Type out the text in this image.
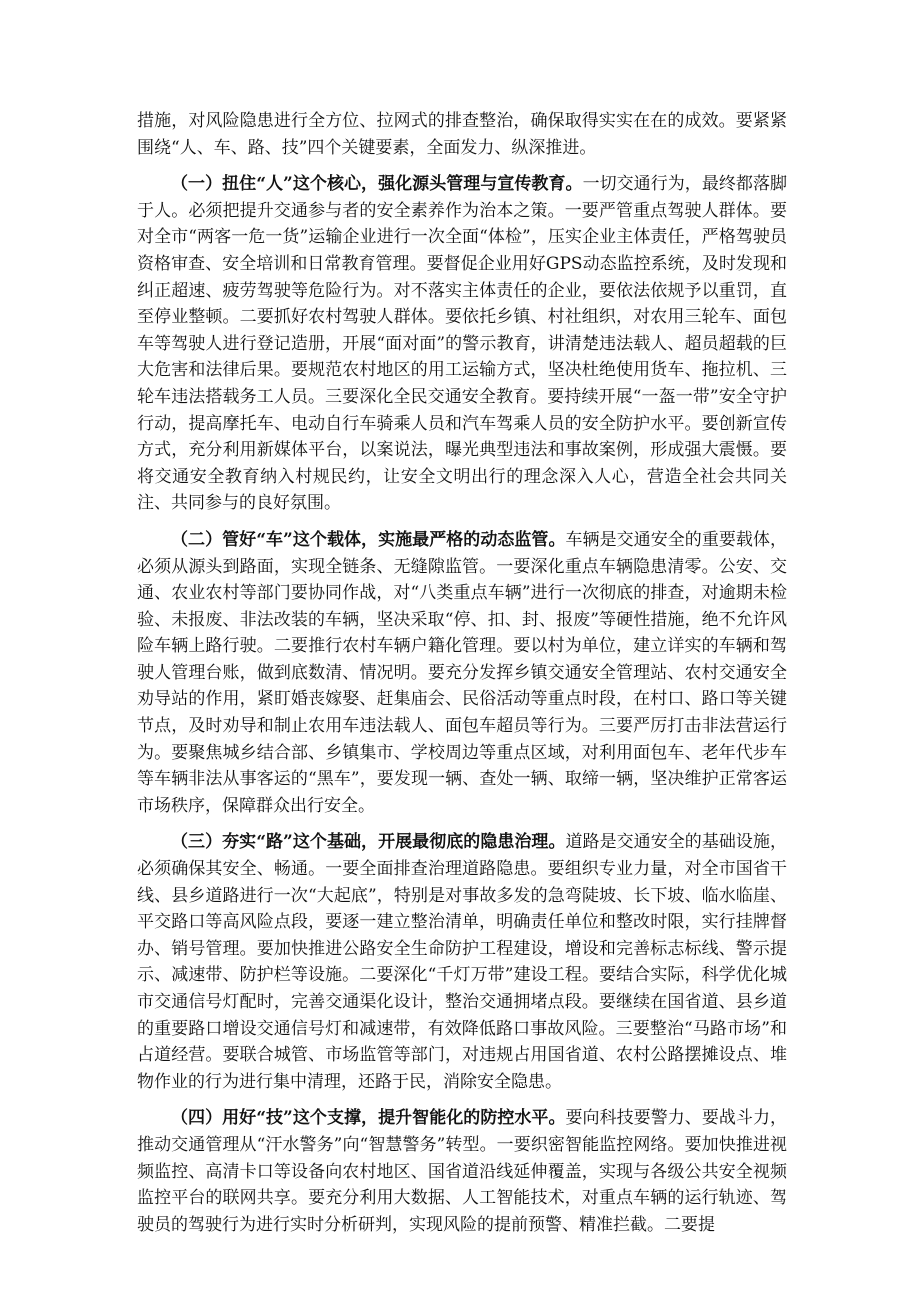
措施，对风险隐患进行全方位、拉网式的排查整治，确保取得实实在在的成效。要紧紧围绕“人、车、路、技”四个关键要素，全面发力、纵深推进。

（一）扭住“人”这个核心，强化源头管理与宣传教育。一切交通行为，最终都落脚于人。必须把提升交通参与者的安全素养作为治本之策。一要严管重点驾驶人群体。要对全市“两客一危一货”运输企业进行一次全面“体检”，压实企业主体责任，严格驾驶员资格审查、安全培训和日常教育管理。要督促企业用好GPS动态监控系统，及时发现和纠正超速、疲劳驾驶等危险行为。对不落实主体责任的企业，要依法依规予以重罚，直至停业整顿。二要抓好农村驾驶人群体。要依托乡镇、村社组织，对农用三轮车、面包车等驾驶人进行登记造册，开展“面对面”的警示教育，讲清楚违法载人、超员超载的巨大危害和法律后果。要规范农村地区的用工运输方式，坚决杜绝使用货车、拖拉机、三轮车违法搭载务工人员。三要深化全民交通安全教育。要持续开展“一盔一带”安全守护行动，提高摩托车、电动自行车骑乘人员和汽车驾乘人员的安全防护水平。要创新宣传方式，充分利用新媒体平台，以案说法，曝光典型违法和事故案例，形成强大震慑。要将交通安全教育纳入村规民约，让安全文明出行的理念深入人心，营造全社会共同关注、共同参与的良好氛围。

（二）管好“车”这个载体，实施最严格的动态监管。车辆是交通安全的重要载体，必须从源头到路面，实现全链条、无缝隙监管。一要深化重点车辆隐患清零。公安、交通、农业农村等部门要协同作战，对“八类重点车辆”进行一次彻底的排查，对逾期未检验、未报废、非法改装的车辆，坚决采取“停、扣、封、报废”等硬性措施，绝不允许风险车辆上路行驶。二要推行农村车辆户籍化管理。要以村为单位，建立详实的车辆和驾驶人管理台账，做到底数清、情况明。要充分发挥乡镇交通安全管理站、农村交通安全劝导站的作用，紧盯婚丧嫁娶、赶集庙会、民俗活动等重点时段，在村口、路口等关键节点，及时劝导和制止农用车违法载人、面包车超员等行为。三要严厉打击非法营运行为。要聚焦城乡结合部、乡镇集市、学校周边等重点区域，对利用面包车、老年代步车等车辆非法从事客运的“黑车”，要发现一辆、查处一辆、取缔一辆，坚决维护正常客运市场秩序，保障群众出行安全。

（三）夯实“路”这个基础，开展最彻底的隐患治理。道路是交通安全的基础设施，必须确保其安全、畅通。一要全面排查治理道路隐患。要组织专业力量，对全市国省干线、县乡道路进行一次“大起底”，特别是对事故多发的急弯陡坡、长下坡、临水临崖、平交路口等高风险点段，要逐一建立整治清单，明确责任单位和整改时限，实行挂牌督办、销号管理。要加快推进公路安全生命防护工程建设，增设和完善标志标线、警示提示、减速带、防护栏等设施。二要深化“千灯万带”建设工程。要结合实际，科学优化城市交通信号灯配时，完善交通渠化设计，整治交通拥堵点段。要继续在国省道、县乡道的重要路口增设交通信号灯和减速带，有效降低路口事故风险。三要整治“马路市场”和占道经营。要联合城管、市场监管等部门，对违规占用国省道、农村公路摆摊设点、堆物作业的行为进行集中清理，还路于民，消除安全隐患。

（四）用好“技”这个支撑，提升智能化的防控水平。要向科技要警力、要战斗力，推动交通管理从“汗水警务”向“智慧警务”转型。一要织密智能监控网络。要加快推进视频监控、高清卡口等设备向农村地区、国省道沿线延伸覆盖，实现与各级公共安全视频监控平台的联网共享。要充分利用大数据、人工智能技术，对重点车辆的运行轨迹、驾驶员的驾驶行为进行实时分析研判，实现风险的提前预警、精准拦截。二要提
